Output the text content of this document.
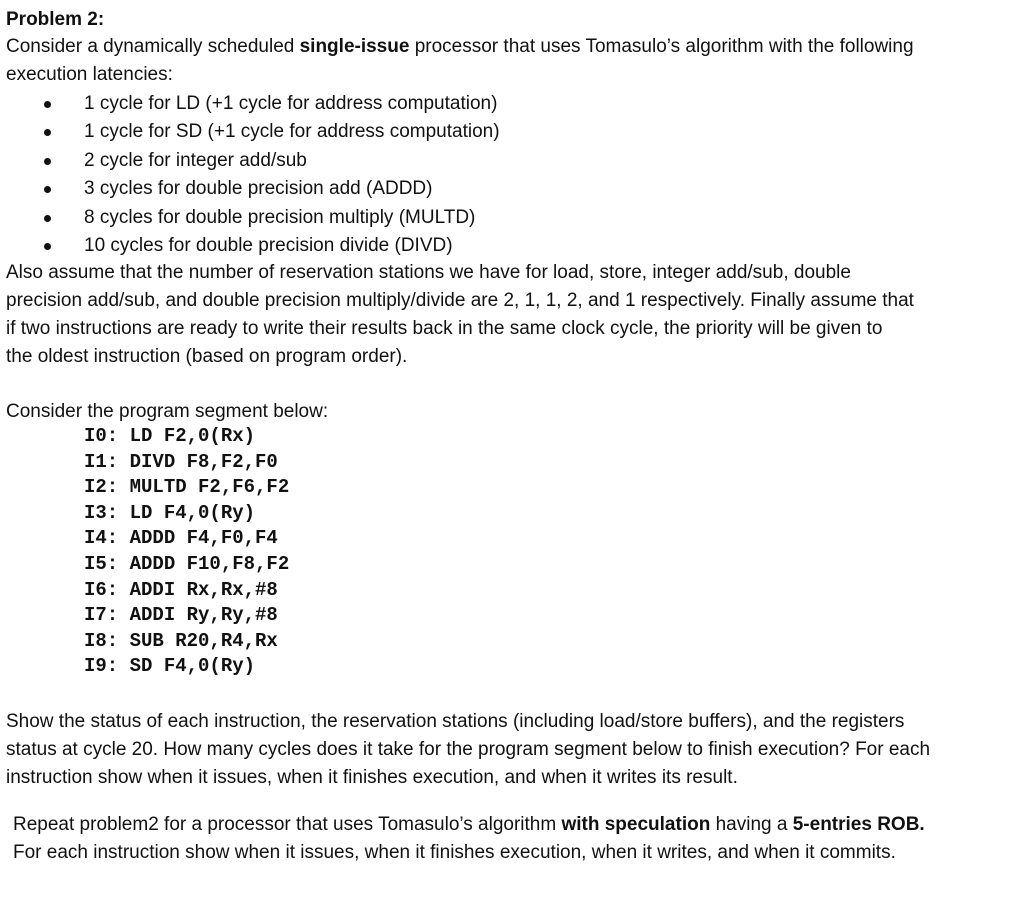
Problem 2:

Consider a dynamically scheduled single-issue processor that uses Tomasulo’s algorithm with the following
execution latencies:
1 cycle for LD (+1 cycle for address computation)
1 cycle for SD (+1 cycle for address computation)
2 cycle for integer add/sub
3 cycles for double precision add (ADDD)
8 cycles for double precision multiply (MULTD)
10 cycles for double precision divide (DIVD)
Also assume that the number of reservation stations we have for load, store, integer add/sub, double
precision add/sub, and double precision multiply/divide are 2, 1, 1, 2, and 1 respectively. Finally assume that
if two instructions are ready to write their results back in the same clock cycle, the priority will be given to
the oldest instruction (based on program order).

Consider the program segment below:

I0: LD F2,0(Rx)
I1: DIVD F8,F2,F0
I2: MULTD F2,F6,F2
I3: LD F4,0(Ry)
I4: ADDD F4,F0,F4
I5: ADDD F10,F8,F2
I6: ADDI Rx,Rx,#8
I7: ADDI Ry,Ry,#8
I8: SUB R20,R4,Rx
I9: SD F4,0(Ry)
Show the status of each instruction, the reservation stations (including load/store buffers), and the registers
status at cycle 20. How many cycles does it take for the program segment below to finish execution? For each
instruction show when it issues, when it finishes execution, and when it writes its result.
Repeat problem2 for a processor that uses Tomasulo’s algorithm with speculation having a 5-entries ROB.
For each instruction show when it issues, when it finishes execution, when it writes, and when it commits.
